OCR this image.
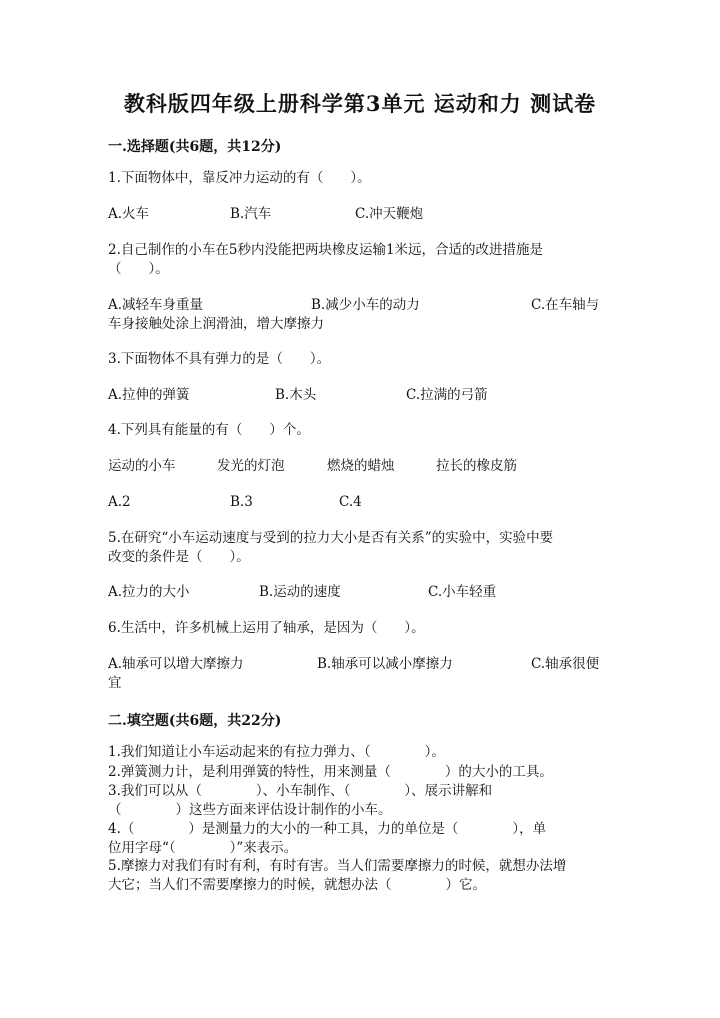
教科版四年级上册科学第3单元 运动和力 测试卷
一.选择题(共6题，共12分)
1.下面物体中，靠反冲力运动的有（　　）。
A.火车	B.汽车	C.冲天鞭炮
2.自己制作的小车在5秒内没能把两块橡皮运输1米远，合适的改进措施是
（　　）。
A.减轻车身重量	B.减少小车的动力	C.在车轴与
车身接触处涂上润滑油，增大摩擦力
3.下面物体不具有弹力的是（　　）。
A.拉伸的弹簧	B.木头	C.拉满的弓箭
4.下列具有能量的有（　　）个。
运动的小车	发光的灯泡	燃烧的蜡烛	拉长的橡皮筋
A.2	B.3	C.4
5.在研究“小车运动速度与受到的拉力大小是否有关系”的实验中，实验中要
改变的条件是（　　）。
A.拉力的大小	B.运动的速度	C.小车轻重
6.生活中，许多机械上运用了轴承，是因为（　　）。
A.轴承可以增大摩擦力	B.轴承可以减小摩擦力	C.轴承很便
宜
二.填空题(共6题，共22分)
1.我们知道让小车运动起来的有拉力弹力、（　　　　）。
2.弹簧测力计，是利用弹簧的特性，用来测量（　　　　）的大小的工具。
3.我们可以从（　　　　）、小车制作、（　　　　）、展示讲解和
（　　　　）这些方面来评估设计制作的小车。
4.（　　　　）是测量力的大小的一种工具，力的单位是（　　　　），单
位用字母“（　　　　）”来表示。
5.摩擦力对我们有时有利，有时有害。当人们需要摩擦力的时候，就想办法增
大它；当人们不需要摩擦力的时候，就想办法（　　　　）它。
